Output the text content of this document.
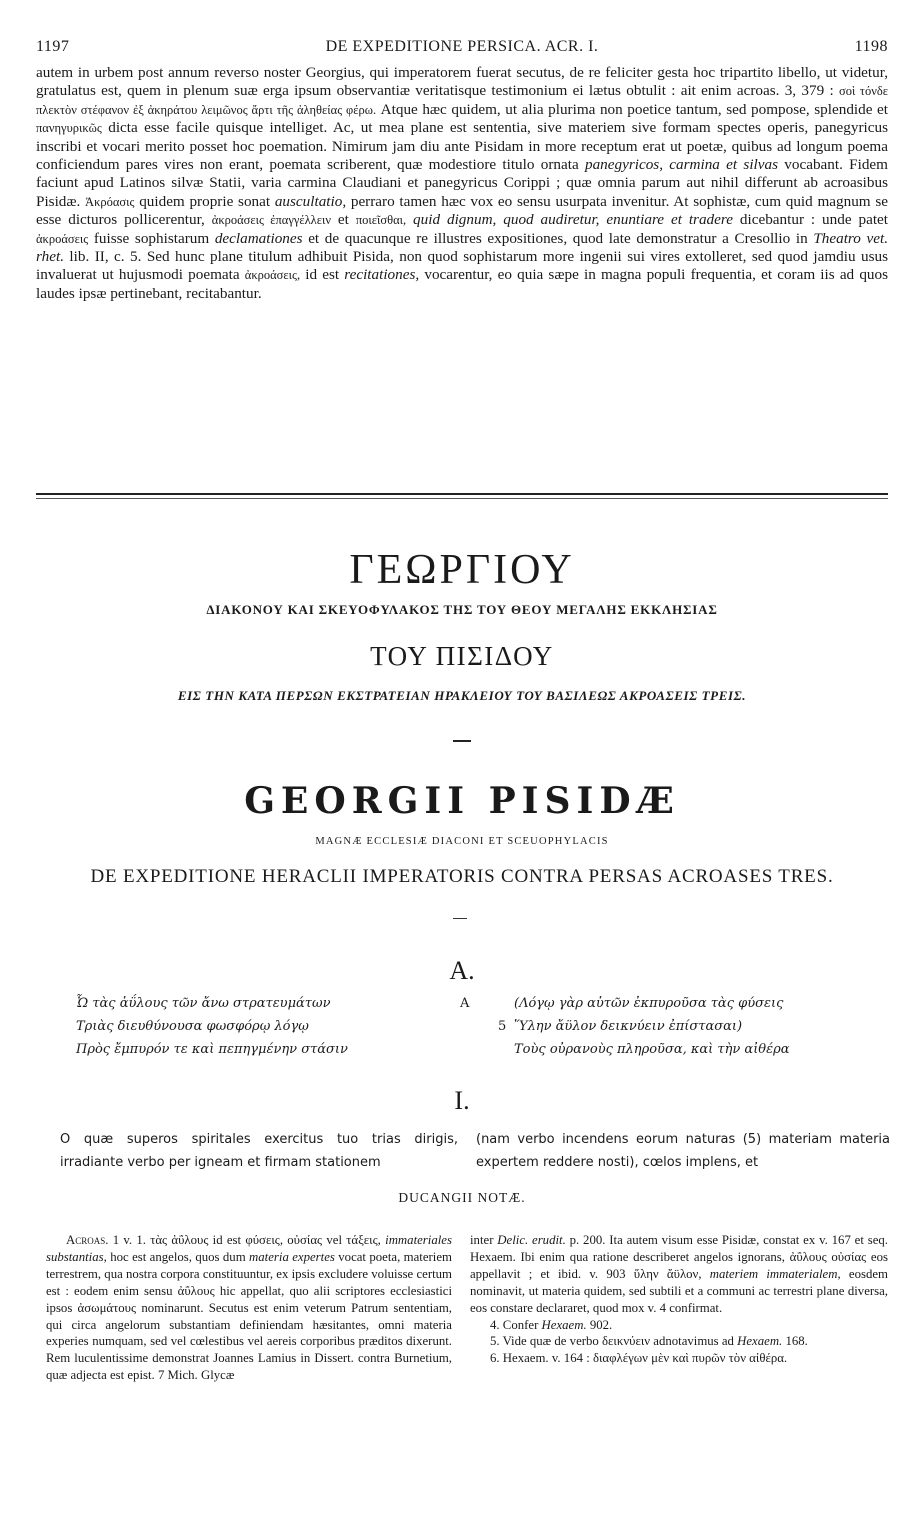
1197	DE EXPEDITIONE PERSICA. ACR. I.	1198

autem in urbem post annum reverso noster Georgius, qui imperatorem fuerat secutus, de re feliciter gesta hoc tripartito libello, ut videtur, gratulatus est, quem in plenum suæ erga ipsum observantiæ veritatisque testimonium ei lætus obtulit : ait enim acroas. 3, 379 : σοὶ τόνδε πλεκτὸν στέφανον ἐξ ἀκηράτου λειμῶνος ἄρτι τῆς ἀληθείας φέρω. Atque hæc quidem, ut alia plurima non poetice tantum, sed pompose, splendide et πανηγυρικῶς dicta esse facile quisque intelliget. Ac, ut mea plane est sententia, sive materiem sive formam spectes operis, panegyricus inscribi et vocari merito posset hoc poemation. Nimirum jam diu ante Pisidam in more receptum erat ut poetæ, quibus ad longum poema conficiendum pares vires non erant, poemata scriberent, quæ modestiore titulo ornata panegyricos, carmina et silvas vocabant. Fidem faciunt apud Latinos silvæ Statii, varia carmina Claudiani et panegyricus Corippi ; quæ omnia parum aut nihil differunt ab acroasibus Pisidæ. Ἀκρόασις quidem proprie sonat auscultatio, perraro tamen hæc vox eo sensu usurpata invenitur. At sophistæ, cum quid magnum se esse dicturos pollicerentur, ἀκροάσεις ἐπαγγέλλειν et ποιεῖσθαι, quid dignum, quod audiretur, enuntiare et tradere dicebantur : unde patet ἀκροάσεις fuisse sophistarum declamationes et de quacunque re illustres expositiones, quod late demonstratur a Cresollio in Theatro vet. rhet. lib. II, c. 5. Sed hunc plane titulum adhibuit Pisida, non quod sophistarum more ingenii sui vires extolleret, sed quod jamdiu usus invaluerat ut hujusmodi poemata ἀκροάσεις, id est recitationes, vocarentur, eo quia sæpe in magna populi frequentia, et coram iis ad quos laudes ipsæ pertinebant, recitabantur.

ΓΕΩΡΓΙΟΥ
ΔΙΑΚΟΝΟΥ ΚΑΙ ΣΚΕΥΟΦΥΛΑΚΟΣ ΤΗΣ ΤΟΥ ΘΕΟΥ ΜΕΓΑΛΗΣ ΕΚΚΛΗΣΙΑΣ
ΤΟΥ ΠΙΣΙΔΟΥ
ΕΙΣ ΤΗΝ ΚΑΤΑ ΠΕΡΣΩΝ ΕΚΣΤΡΑΤΕΙΑΝ ΗΡΑΚΛΕΙΟΥ ΤΟΥ ΒΑΣΙΛΕΩΣ ΑΚΡΟΑΣΕΙΣ ΤΡΕΙΣ.
GEORGII PISIDÆ
MAGNÆ ECCLESIÆ DIACONI ET SCEUOPHYLACIS
DE EXPEDITIONE HERACLII IMPERATORIS CONTRA PERSAS ACROASES TRES.
A.
Ὦ τὰς ἀΰλους τῶν ἄνω στρατευμάτων
Τριὰς διευθύνουσα φωσφόρῳ λόγῳ
Πρὸς ἔμπυρόν τε καὶ πεπηγμένην στάσιν
A	(Λόγῳ γὰρ αὐτῶν ἐκπυροῦσα τὰς φύσεις
5 Ὕλην ἄϋλον δεικνύειν ἐπίστασαι)
Τοὺς οὐρανοὺς πληροῦσα, καὶ τὴν αἰθέρα
I.

O quæ superos spiritales exercitus tuo trias dirigis, irradiante verbo per igneam et firmam stationem

(nam verbo incendens eorum naturas (5) materiam materia expertem reddere nosti), cœlos implens, et

DUCANGII NOTÆ.

Acroas. 1 v. 1. τὰς ἀΰλους id est φύσεις, οὐσίας vel τάξεις, immateriales substantias, hoc est angelos, quos dum materia expertes vocat poeta, materiem terrestrem, qua nostra corpora constituuntur, ex ipsis excludere voluisse certum est : eodem enim sensu ἀΰλους hic appellat, quo alii scriptores ecclesiastici ipsos ἀσωμάτους nominarunt. Secutus est enim veterum Patrum sententiam, qui circa angelorum substantiam definiendam hæsitantes, omni materia experies numquam, sed vel cœlestibus vel aereis corporibus præditos dixerunt. Rem luculentissime demonstrat Joannes Lamius in Dissert. contra Burnetium, quæ adjecta est epist. 7 Mich. Glycæ

inter Delic. erudit. p. 200. Ita autem visum esse Pisidæ, constat ex v. 167 et seq. Hexaem. Ibi enim qua ratione describeret angelos ignorans, ἀΰλους οὐσίας eos appellavit ; et ibid. v. 903 ὕλην ἄϋλον, materiem immaterialem, eosdem nominavit, ut materia quidem, sed subtili et a communi ac terrestri plane diversa, eos constare declararet, quod mox v. 4 confirmat.

4. Confer Hexaem. 902.

5. Vide quæ de verbo δεικνύειν adnotavimus ad Hexaem. 168.

6. Hexaem. v. 164 : διαφλέγων μὲν καὶ πυρῶν τὸν αἰθέρα.
